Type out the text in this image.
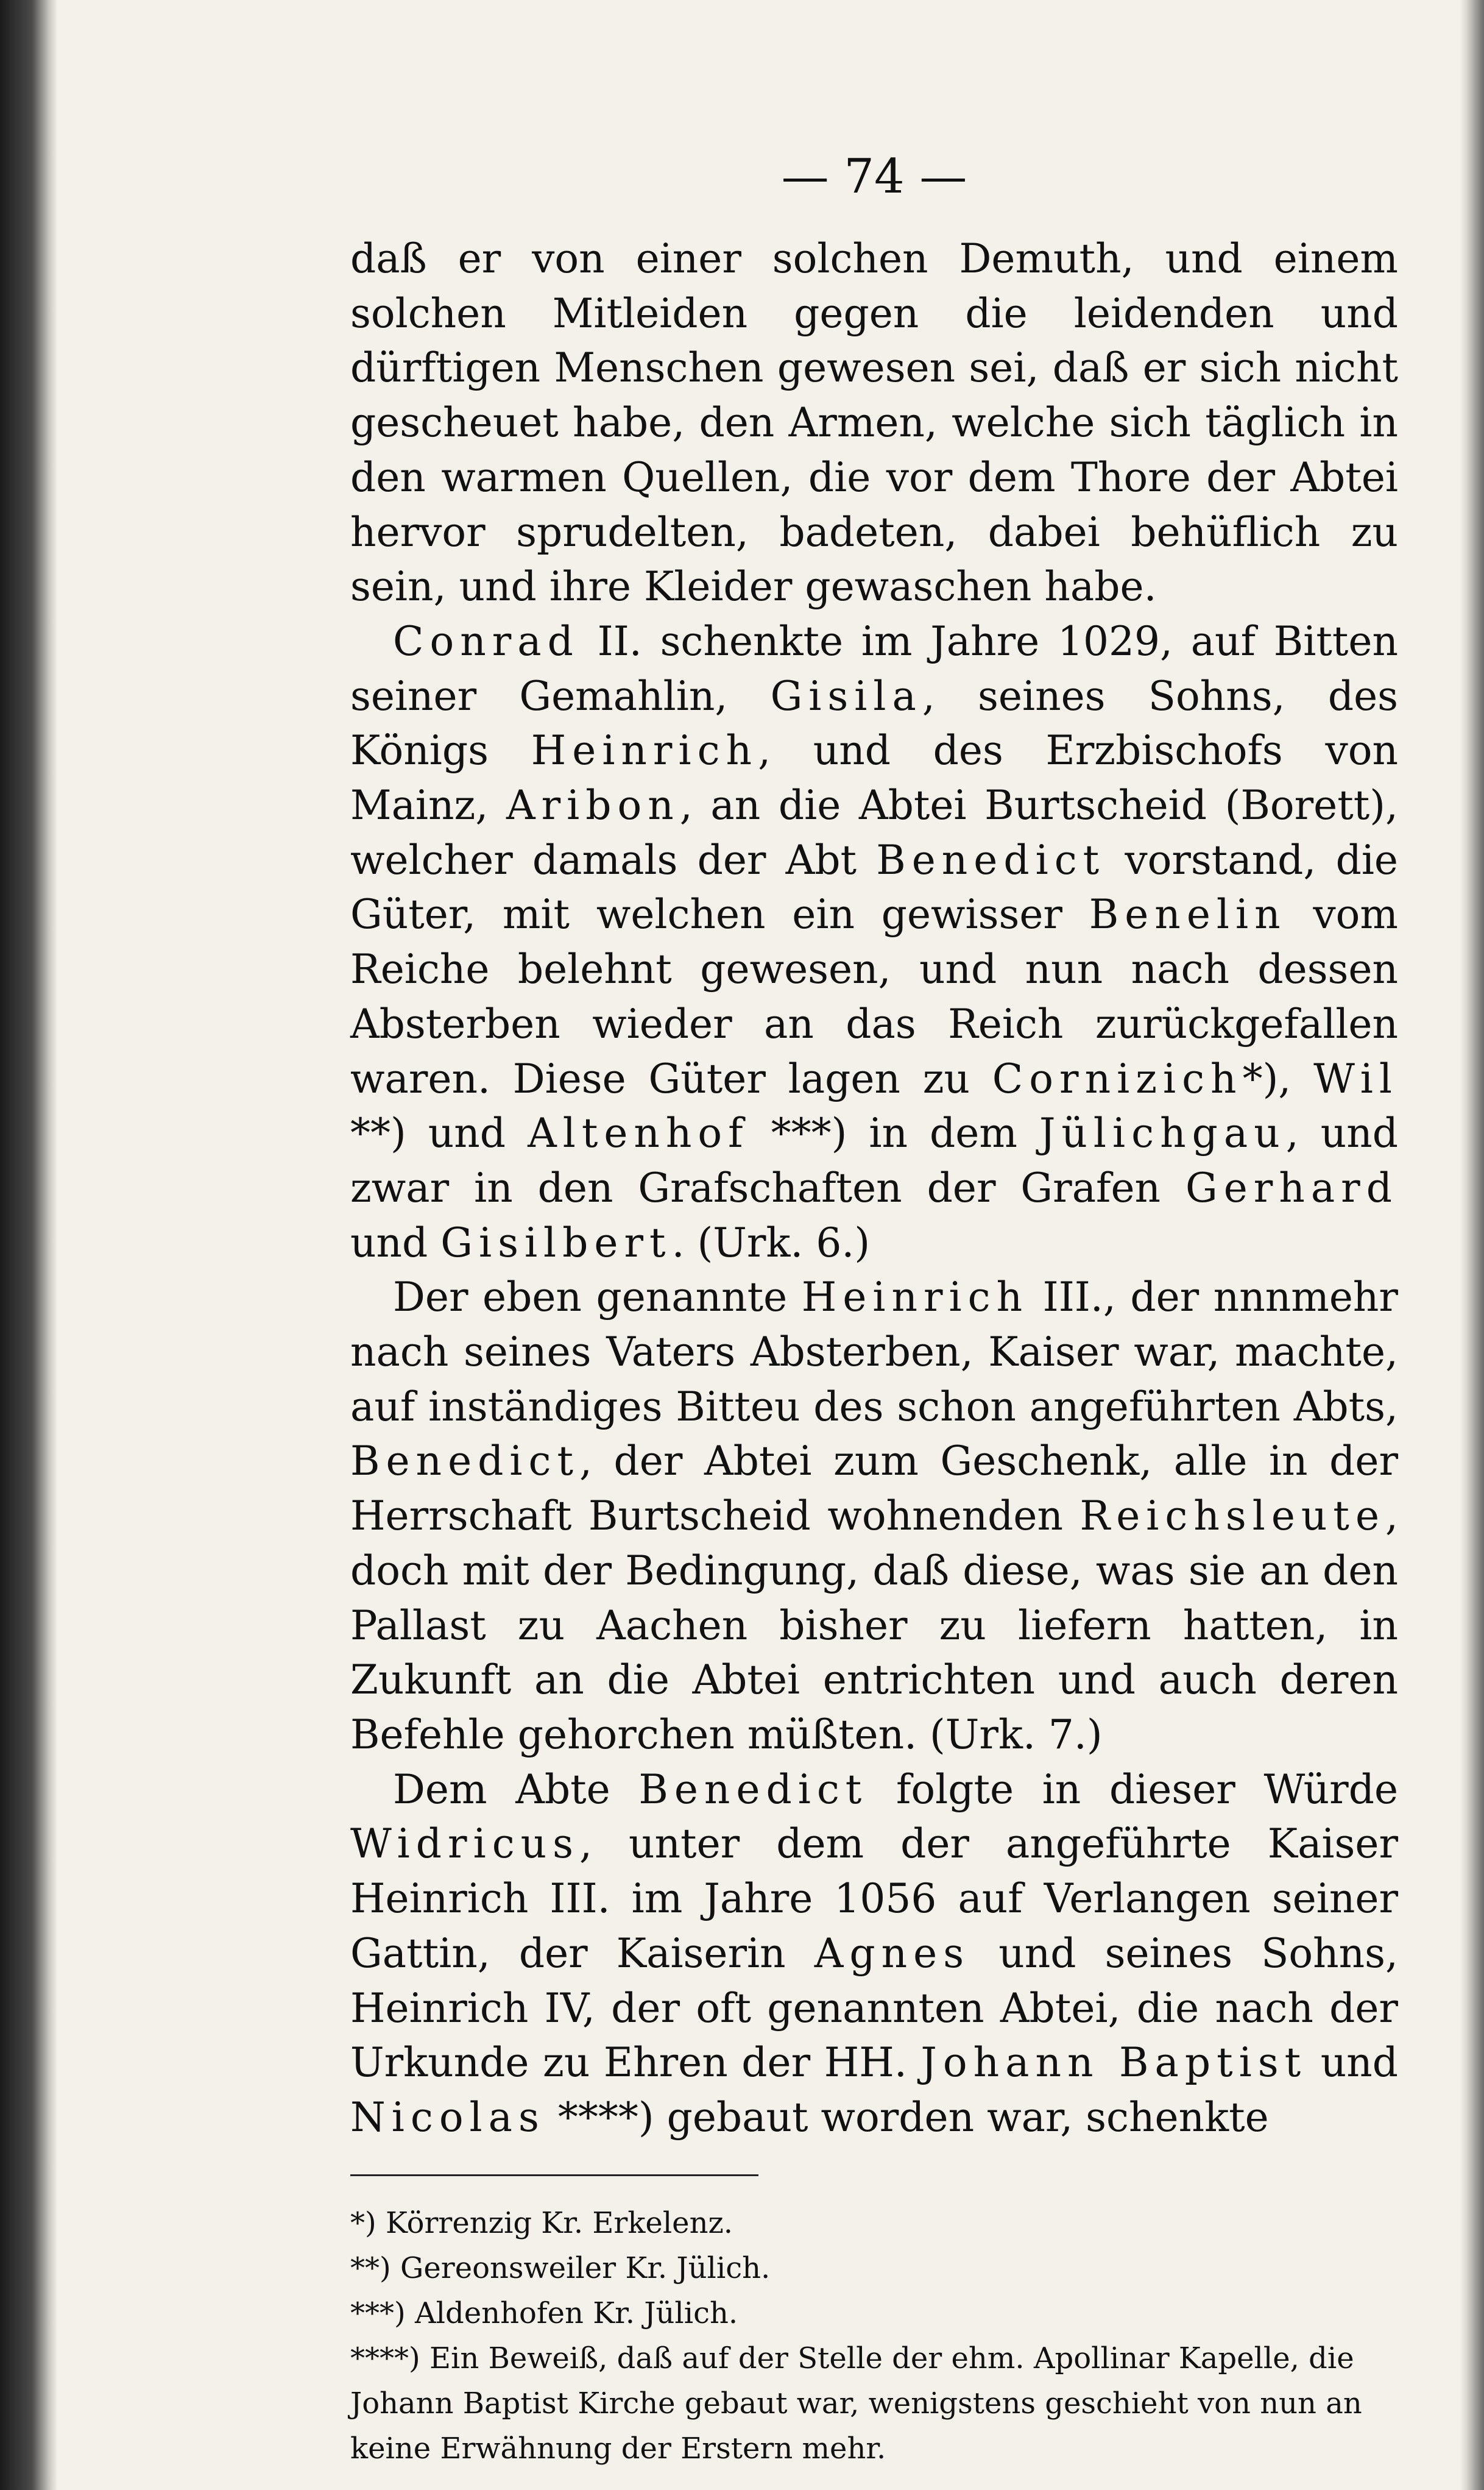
— 74 —

daß er von einer solchen Demuth, und einem solchen Mitleiden gegen die leidenden und dürftigen Menschen gewesen sei, daß er sich nicht gescheuet habe, den Armen, welche sich täglich in den warmen Quellen, die vor dem Thore der Abtei hervor sprudelten, badeten, dabei behüflich zu sein, und ihre Kleider gewaschen habe.

Conrad II. schenkte im Jahre 1029, auf Bitten seiner Gemahlin, Gisila, seines Sohns, des Königs Heinrich, und des Erzbischofs von Mainz, Aribon, an die Abtei Burtscheid (Borett), welcher damals der Abt Benedict vorstand, die Güter, mit welchen ein gewisser Benelin vom Reiche belehnt gewesen, und nun nach dessen Absterben wieder an das Reich zurückgefallen waren. Diese Güter lagen zu Cornizich*), Wil **) und Altenhof ***) in dem Jülichgau, und zwar in den Grafschaften der Grafen Gerhard und Gisilbert. (Urk. 6.)

Der eben genannte Heinrich III., der nnnmehr nach seines Vaters Absterben, Kaiser war, machte, auf inständiges Bitteu des schon angeführten Abts, Benedict, der Abtei zum Geschenk, alle in der Herrschaft Burtscheid wohnenden Reichsleute, doch mit der Bedingung, daß diese, was sie an den Pallast zu Aachen bisher zu liefern hatten, in Zukunft an die Abtei entrichten und auch deren Befehle gehorchen müßten. (Urk. 7.)

Dem Abte Benedict folgte in dieser Würde Widricus, unter dem der angeführte Kaiser Heinrich III. im Jahre 1056 auf Verlangen seiner Gattin, der Kaiserin Agnes und seines Sohns, Heinrich IV, der oft genannten Abtei, die nach der Urkunde zu Ehren der HH. Johann Baptist und Nicolas ****) gebaut worden war, schenkte

*) Körrenzig Kr. Erkelenz.
**) Gereonsweiler Kr. Jülich.
***) Aldenhofen Kr. Jülich.
****) Ein Beweiß, daß auf der Stelle der ehm. Apollinar Kapelle, die Johann Baptist Kirche gebaut war, wenigstens geschieht von nun an keine Erwähnung der Erstern mehr.
